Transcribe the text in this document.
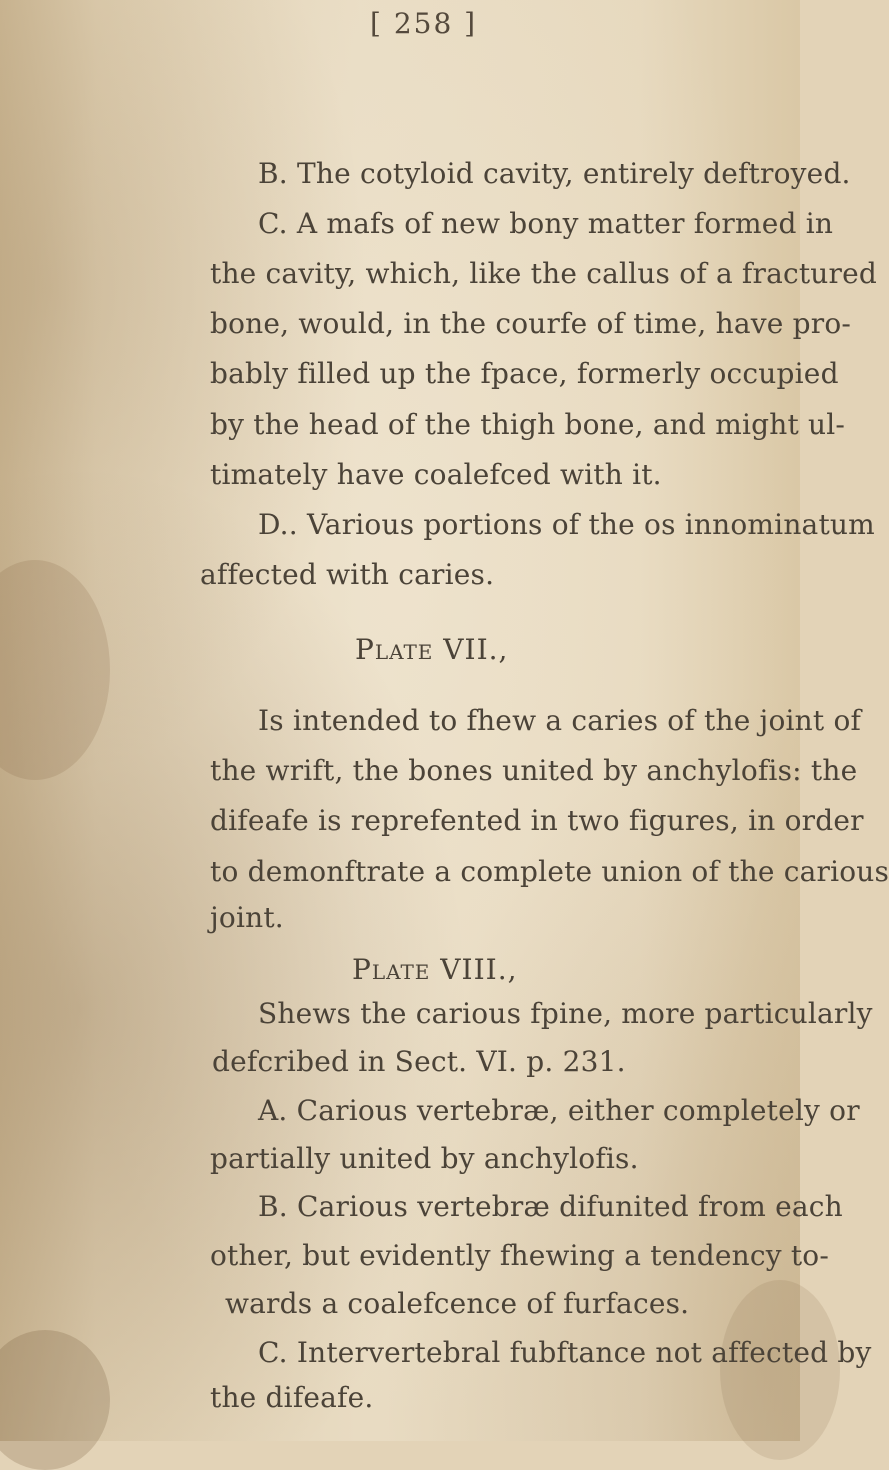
[ 258 ]
B. The cotyloid cavity, entirely deftroyed.
C. A mafs of new bony matter formed in
the cavity, which, like the callus of a fractured
bone, would, in the courfe of time, have pro-
bably filled up the fpace, formerly occupied
by the head of the thigh bone, and might ul-
timately have coalefced with it.
D.. Various portions of the os innominatum
affected with caries.
Plate VII.,
Is intended to fhew a caries of the joint of
the wrift, the bones united by anchylofis: the
difeafe is reprefented in two figures, in order
to demonftrate a complete union of the carious
joint.
Plate VIII.,
Shews the carious fpine, more particularly
defcribed in Sect. VI. p. 231.
A. Carious vertebræ, either completely or
partially united by anchylofis.
B. Carious vertebræ difunited from each
other, but evidently fhewing a tendency to-
wards a coalefcence of furfaces.
C. Intervertebral fubftance not affected by
the difeafe.
